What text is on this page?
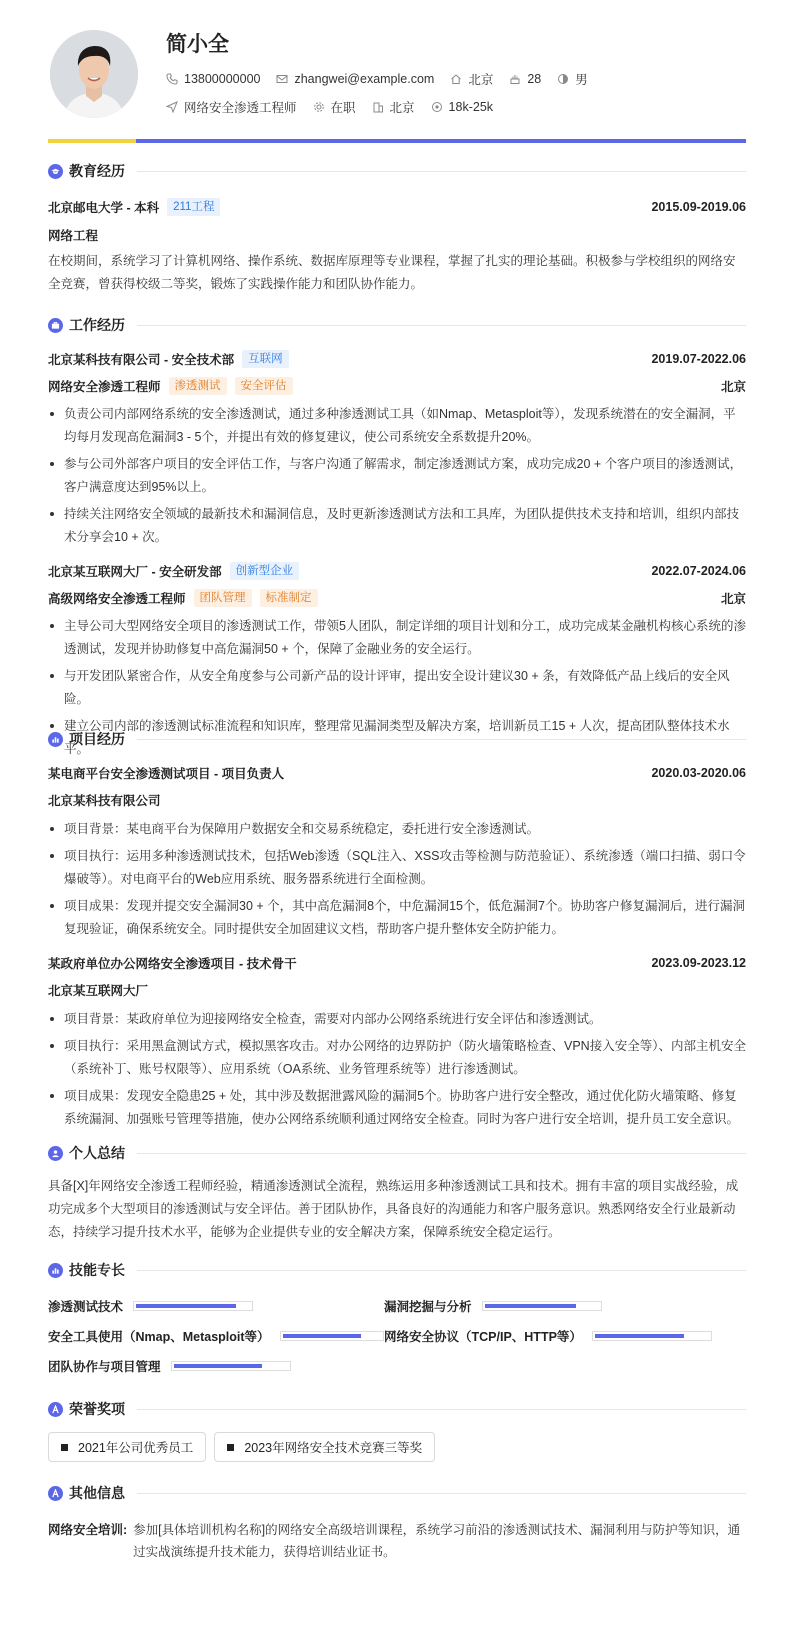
简小全
13800000000	zhangwei@example.com	北京	28	男
网络安全渗透工程师	在职	北京	18k-25k
教育经历
北京邮电大学 - 本科	211工程	2015.09-2019.06
网络工程
在校期间，系统学习了计算机网络、操作系统、数据库原理等专业课程，掌握了扎实的理论基础。积极参与学校组织的网络安全竞赛，曾获得校级二等奖，锻炼了实践操作能力和团队协作能力。
工作经历
北京某科技有限公司 - 安全技术部	互联网	2019.07-2022.06
网络安全渗透工程师	渗透测试	安全评估	北京
负责公司内部网络系统的安全渗透测试，通过多种渗透测试工具（如Nmap、Metasploit等），发现系统潜在的安全漏洞，平均每月发现高危漏洞3 - 5个，并提出有效的修复建议，使公司系统安全系数提升20%。
参与公司外部客户项目的安全评估工作，与客户沟通了解需求，制定渗透测试方案，成功完成20 + 个客户项目的渗透测试，客户满意度达到95%以上。
持续关注网络安全领域的最新技术和漏洞信息，及时更新渗透测试方法和工具库，为团队提供技术支持和培训，组织内部技术分享会10 + 次。
北京某互联网大厂 - 安全研发部	创新型企业	2022.07-2024.06
高级网络安全渗透工程师	团队管理	标准制定	北京
主导公司大型网络安全项目的渗透测试工作，带领5人团队，制定详细的项目计划和分工，成功完成某金融机构核心系统的渗透测试，发现并协助修复中高危漏洞50 + 个，保障了金融业务的安全运行。
与开发团队紧密合作，从安全角度参与公司新产品的设计评审，提出安全设计建议30 + 条，有效降低产品上线后的安全风险。
建立公司内部的渗透测试标准流程和知识库，整理常见漏洞类型及解决方案，培训新员工15 + 人次，提高团队整体技术水平。
项目经历
某电商平台安全渗透测试项目 - 项目负责人	2020.03-2020.06
北京某科技有限公司
项目背景：某电商平台为保障用户数据安全和交易系统稳定，委托进行安全渗透测试。
项目执行：运用多种渗透测试技术，包括Web渗透（SQL注入、XSS攻击等检测与防范验证）、系统渗透（端口扫描、弱口令爆破等）。对电商平台的Web应用系统、服务器系统进行全面检测。
项目成果：发现并提交安全漏洞30 + 个，其中高危漏洞8个，中危漏洞15个，低危漏洞7个。协助客户修复漏洞后，进行漏洞复现验证，确保系统安全。同时提供安全加固建议文档，帮助客户提升整体安全防护能力。
某政府单位办公网络安全渗透项目 - 技术骨干	2023.09-2023.12
北京某互联网大厂
项目背景：某政府单位为迎接网络安全检查，需要对内部办公网络系统进行安全评估和渗透测试。
项目执行：采用黑盒测试方式，模拟黑客攻击。对办公网络的边界防护（防火墙策略检查、VPN接入安全等）、内部主机安全（系统补丁、账号权限等）、应用系统（OA系统、业务管理系统等）进行渗透测试。
项目成果：发现安全隐患25 + 处，其中涉及数据泄露风险的漏洞5个。协助客户进行安全整改，通过优化防火墙策略、修复系统漏洞、加强账号管理等措施，使办公网络系统顺利通过网络安全检查。同时为客户进行安全培训，提升员工安全意识。
个人总结
具备[X]年网络安全渗透工程师经验，精通渗透测试全流程，熟练运用多种渗透测试工具和技术。拥有丰富的项目实战经验，成功完成多个大型项目的渗透测试与安全评估。善于团队协作，具备良好的沟通能力和客户服务意识。熟悉网络安全行业最新动态，持续学习提升技术水平，能够为企业提供专业的安全解决方案，保障系统安全稳定运行。
技能专长
渗透测试技术	漏洞挖掘与分析
安全工具使用（Nmap、Metasploit等）	网络安全协议（TCP/IP、HTTP等）
团队协作与项目管理
荣誉奖项
2021年公司优秀员工	2023年网络安全技术竞赛三等奖
其他信息
网络安全培训: 参加[具体培训机构名称]的网络安全高级培训课程，系统学习前沿的渗透测试技术、漏洞利用与防护等知识，通过实战演练提升技术能力，获得培训结业证书。
